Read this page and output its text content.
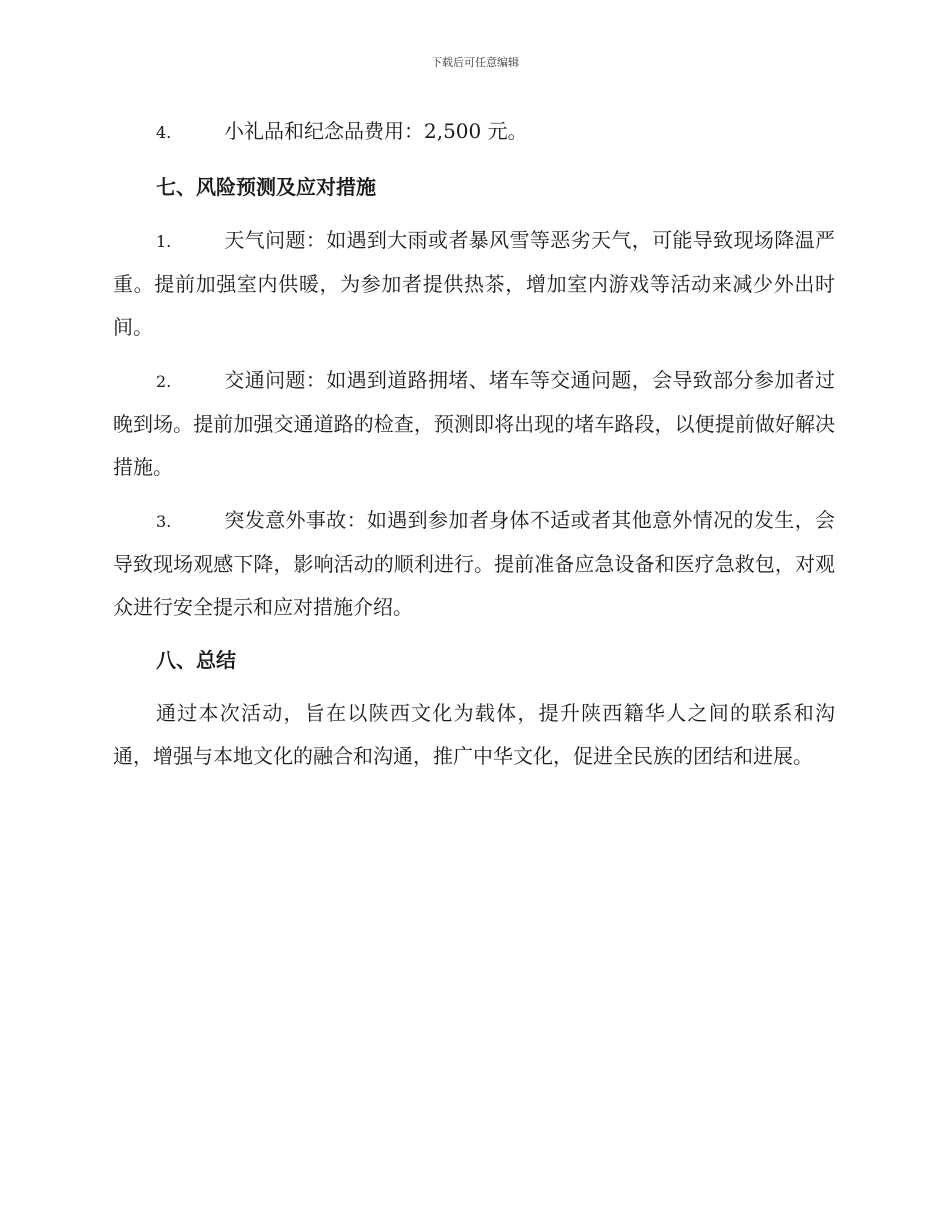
下载后可任意编辑

4.	小礼品和纪念品费用：2,500 元。

七、风险预测及应对措施

1.	天气问题：如遇到大雨或者暴风雪等恶劣天气，可能导致现场降温严重。提前加强室内供暖，为参加者提供热茶，增加室内游戏等活动来减少外出时间。

2.	交通问题：如遇到道路拥堵、堵车等交通问题，会导致部分参加者过晚到场。提前加强交通道路的检查，预测即将出现的堵车路段，以便提前做好解决措施。

3.	突发意外事故：如遇到参加者身体不适或者其他意外情况的发生，会导致现场观感下降，影响活动的顺利进行。提前准备应急设备和医疗急救包，对观众进行安全提示和应对措施介绍。

八、总结

通过本次活动，旨在以陕西文化为载体，提升陕西籍华人之间的联系和沟通，增强与本地文化的融合和沟通，推广中华文化，促进全民族的团结和进展。
